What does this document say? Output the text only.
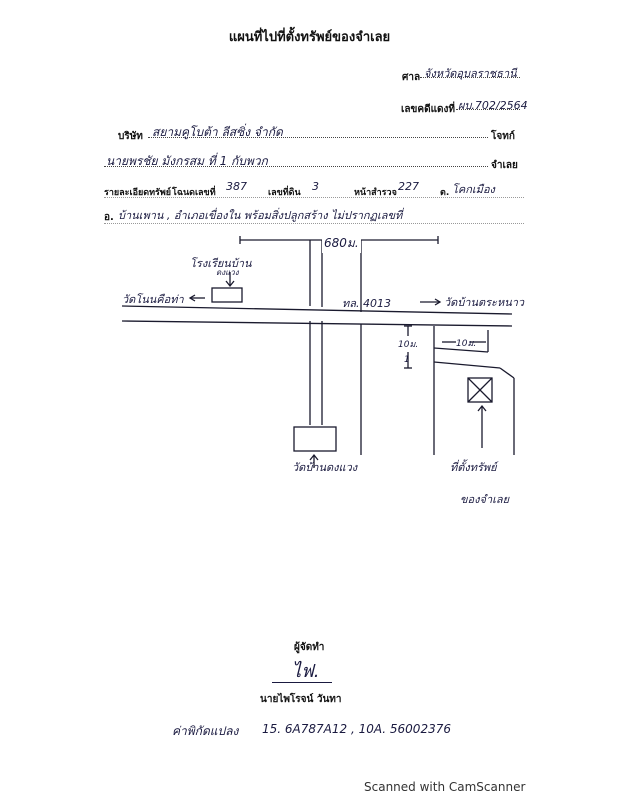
แผนที่ไปที่ตั้งทรัพย์ของจำเลย
ศาล จังหวัดอุบลราชธานี
เลขคดีแดงที่ ผบ.702/2564
บริษัท สยามคูโบต้า ลีสซิ่ง จำกัด	โจทก์
นายพรชัย มังกรสม ที่ 1 กับพวก	จำเลย
รายละเอียดทรัพย์ โฉนดเลขที่ 387 เลขที่ดิน 3	หน้าสำรวจ 227 ต. โคกเมือง
อ. บ้านเพาน , อำเภอเขื่องใน พร้อมสิ่งปลูกสร้าง ไม่ปรากฏเลขที่
680ม.
โรงเรียนบ้าน
ดงแวง
วัดโนนคือท่า	ทล. 4013	วัดบ้านตระหนาว
10ม.	10ม.
1
วัดบ้านดงแวง	ที่ตั้งทรัพย์
ของจำเลย
ผู้จัดทำ
ไฟ.
นายไพโรจน์ วันทา
ค่าพิกัดแปลง 15. 6A787A12 , 10A. 56002376
Scanned with CamScanner
